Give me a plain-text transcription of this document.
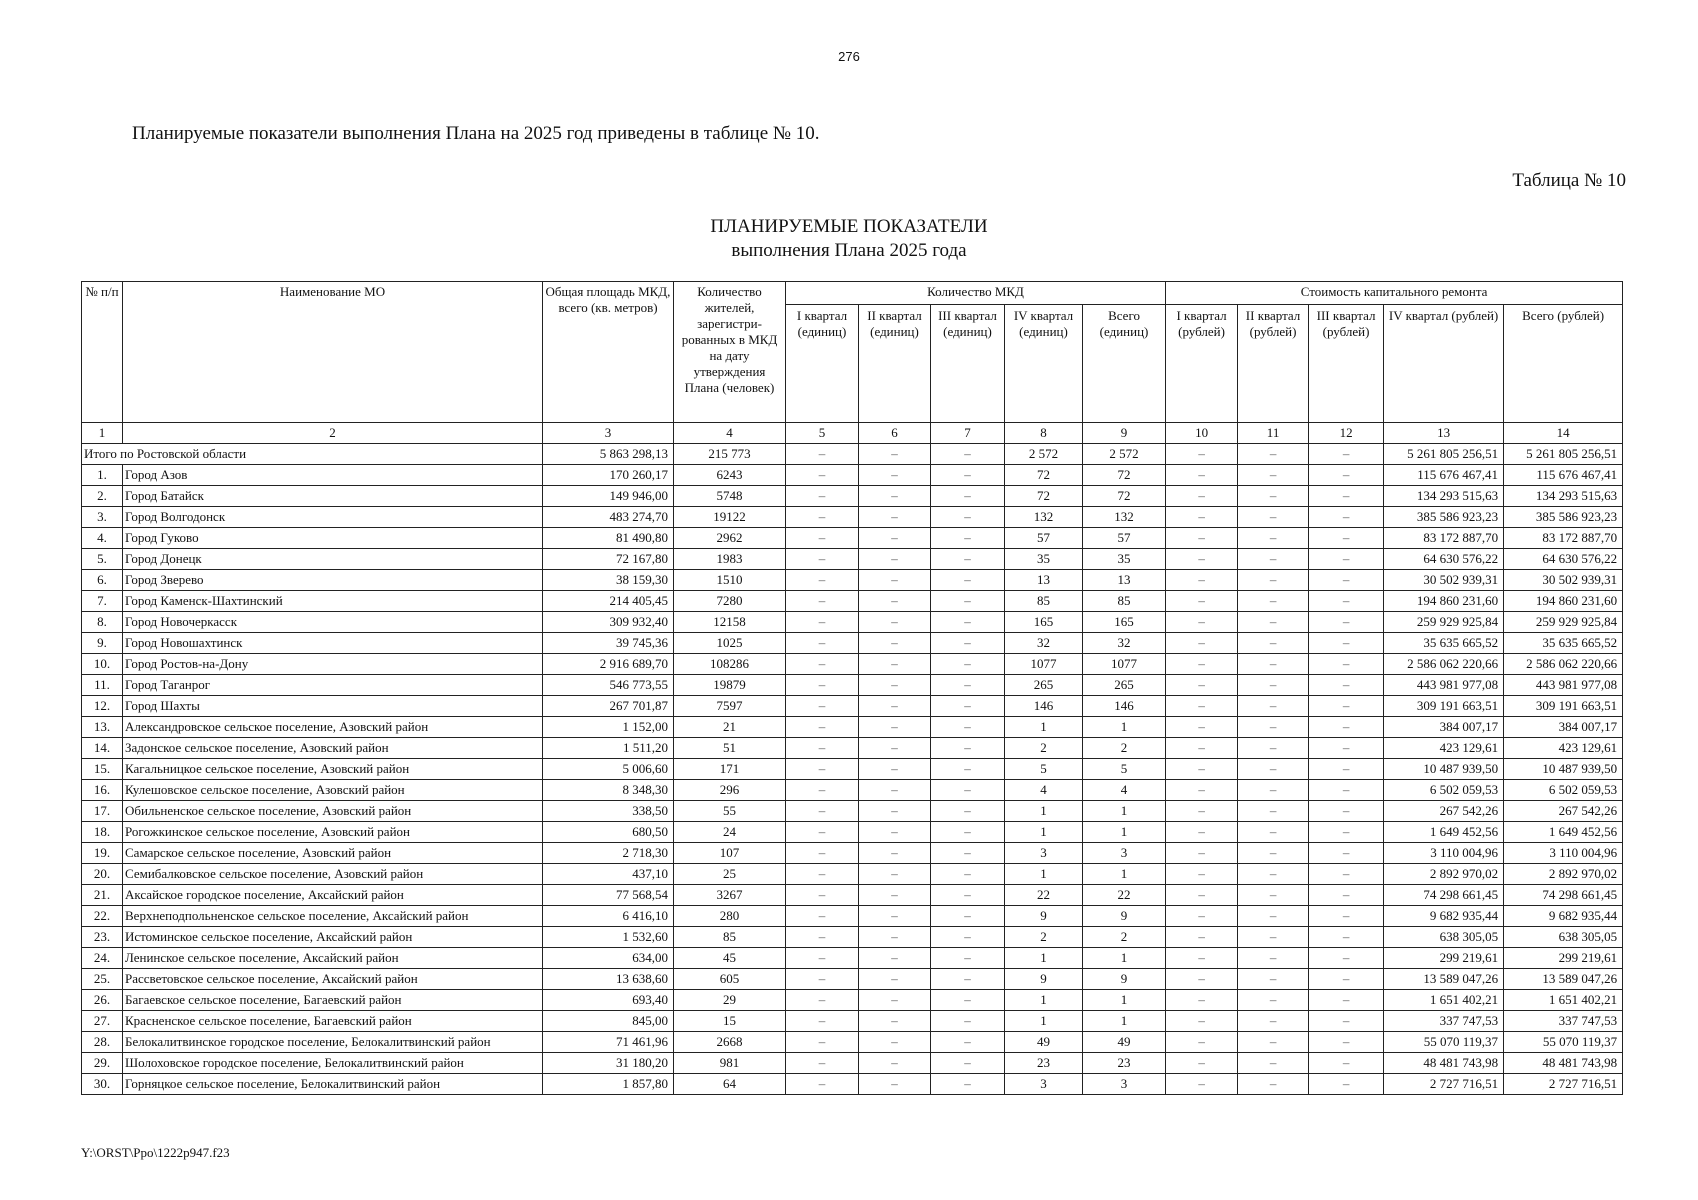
276
Планируемые показатели выполнения Плана на 2025 год приведены в таблице № 10.
Таблица № 10
ПЛАНИРУЕМЫЕ ПОКАЗАТЕЛИ
выполнения Плана 2025 года
№ п/п	Наименование МО	Общая площадь МКД, всего (кв. метров)	Количество жителей, зарегистри-рованных в МКД на дату утверждения Плана (человек)	Количество МКД					Стоимость капитального ремонта				
				I квартал (единиц)	II квартал (единиц)	III квартал (единиц)	IV квартал (единиц)	Всего (единиц)	I квартал (рублей)	II квартал (рублей)	III квартал (рублей)	IV квартал (рублей)	Всего (рублей)
1	2	3	4	5	6	7	8	9	10	11	12	13	14
Итого по Ростовской области		5 863 298,13	215 773	–	–	–	2 572	2 572	–	–	–	5 261 805 256,51	5 261 805 256,51
1.	Город Азов	170 260,17	6243	–	–	–	72	72	–	–	–	115 676 467,41	115 676 467,41
2.	Город Батайск	149 946,00	5748	–	–	–	72	72	–	–	–	134 293 515,63	134 293 515,63
3.	Город Волгодонск	483 274,70	19122	–	–	–	132	132	–	–	–	385 586 923,23	385 586 923,23
4.	Город Гуково	81 490,80	2962	–	–	–	57	57	–	–	–	83 172 887,70	83 172 887,70
5.	Город Донецк	72 167,80	1983	–	–	–	35	35	–	–	–	64 630 576,22	64 630 576,22
6.	Город Зверево	38 159,30	1510	–	–	–	13	13	–	–	–	30 502 939,31	30 502 939,31
7.	Город Каменск-Шахтинский	214 405,45	7280	–	–	–	85	85	–	–	–	194 860 231,60	194 860 231,60
8.	Город Новочеркасск	309 932,40	12158	–	–	–	165	165	–	–	–	259 929 925,84	259 929 925,84
9.	Город Новошахтинск	39 745,36	1025	–	–	–	32	32	–	–	–	35 635 665,52	35 635 665,52
10.	Город Ростов-на-Дону	2 916 689,70	108286	–	–	–	1077	1077	–	–	–	2 586 062 220,66	2 586 062 220,66
11.	Город Таганрог	546 773,55	19879	–	–	–	265	265	–	–	–	443 981 977,08	443 981 977,08
12.	Город Шахты	267 701,87	7597	–	–	–	146	146	–	–	–	309 191 663,51	309 191 663,51
13.	Александровское сельское поселение, Азовский район	1 152,00	21	–	–	–	1	1	–	–	–	384 007,17	384 007,17
14.	Задонское сельское поселение, Азовский район	1 511,20	51	–	–	–	2	2	–	–	–	423 129,61	423 129,61
15.	Кагальницкое сельское поселение, Азовский район	5 006,60	171	–	–	–	5	5	–	–	–	10 487 939,50	10 487 939,50
16.	Кулешовское сельское поселение, Азовский район	8 348,30	296	–	–	–	4	4	–	–	–	6 502 059,53	6 502 059,53
17.	Обильненское сельское поселение, Азовский район	338,50	55	–	–	–	1	1	–	–	–	267 542,26	267 542,26
18.	Рогожкинское сельское поселение, Азовский район	680,50	24	–	–	–	1	1	–	–	–	1 649 452,56	1 649 452,56
19.	Самарское сельское поселение, Азовский район	2 718,30	107	–	–	–	3	3	–	–	–	3 110 004,96	3 110 004,96
20.	Семибалковское сельское поселение, Азовский район	437,10	25	–	–	–	1	1	–	–	–	2 892 970,02	2 892 970,02
21.	Аксайское городское поселение, Аксайский район	77 568,54	3267	–	–	–	22	22	–	–	–	74 298 661,45	74 298 661,45
22.	Верхнеподпольненское сельское поселение, Аксайский район	6 416,10	280	–	–	–	9	9	–	–	–	9 682 935,44	9 682 935,44
23.	Истоминское сельское поселение, Аксайский район	1 532,60	85	–	–	–	2	2	–	–	–	638 305,05	638 305,05
24.	Ленинское сельское поселение, Аксайский район	634,00	45	–	–	–	1	1	–	–	–	299 219,61	299 219,61
25.	Рассветовское сельское поселение, Аксайский район	13 638,60	605	–	–	–	9	9	–	–	–	13 589 047,26	13 589 047,26
26.	Багаевское сельское поселение, Багаевский район	693,40	29	–	–	–	1	1	–	–	–	1 651 402,21	1 651 402,21
27.	Красненское сельское поселение, Багаевский район	845,00	15	–	–	–	1	1	–	–	–	337 747,53	337 747,53
28.	Белокалитвинское городское поселение, Белокалитвинский район	71 461,96	2668	–	–	–	49	49	–	–	–	55 070 119,37	55 070 119,37
29.	Шолоховское городское поселение, Белокалитвинский район	31 180,20	981	–	–	–	23	23	–	–	–	48 481 743,98	48 481 743,98
30.	Горняцкое сельское поселение, Белокалитвинский район	1 857,80	64	–	–	–	3	3	–	–	–	2 727 716,51	2 727 716,51
Y:\ORST\Ppo\1222p947.f23
